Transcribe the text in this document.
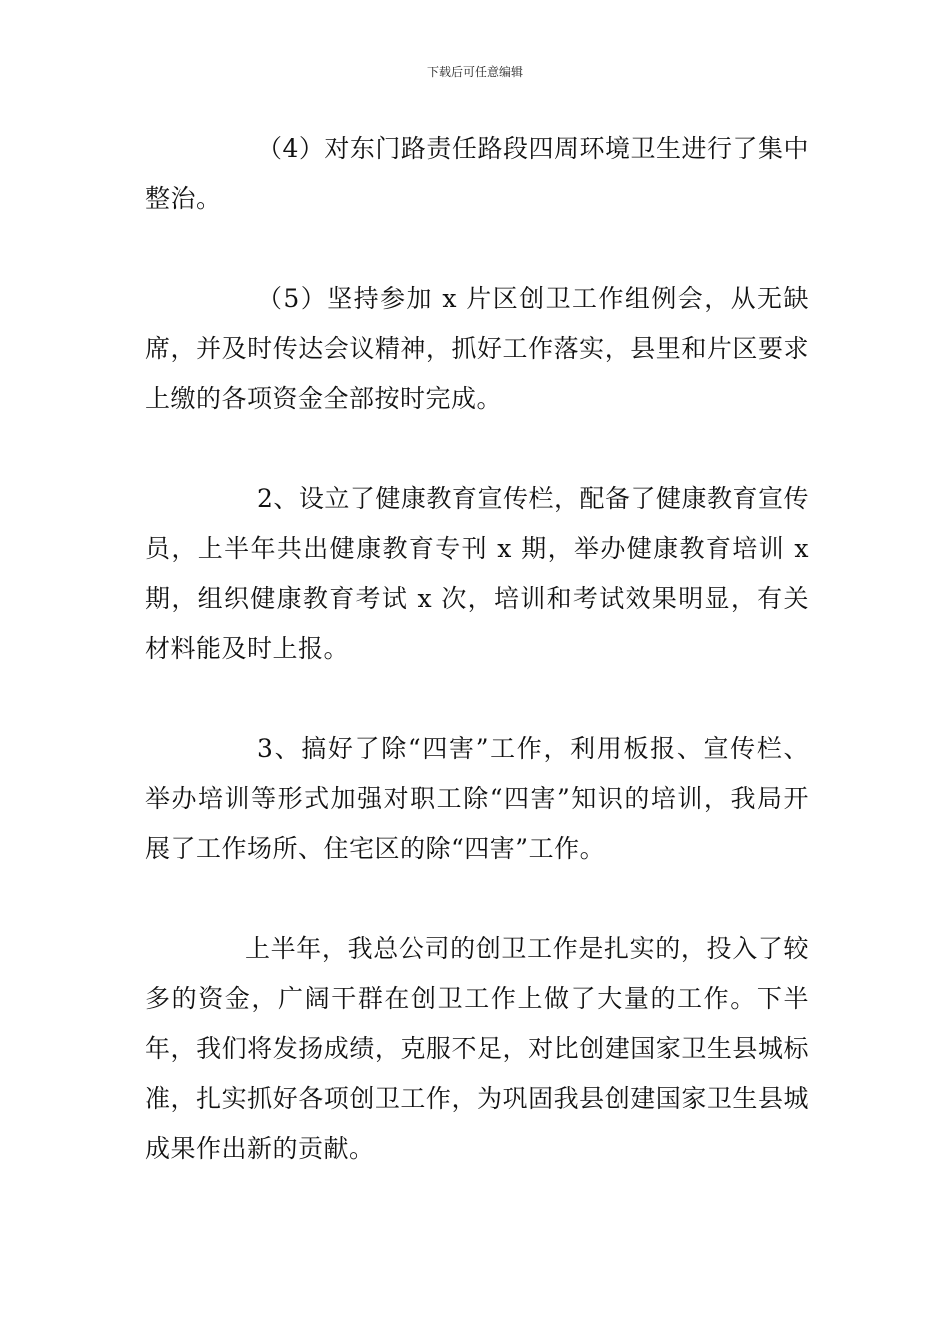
下载后可任意编辑

（4）对东门路责任路段四周环境卫生进行了集中整治。

（5）坚持参加 x 片区创卫工作组例会，从无缺席，并及时传达会议精神，抓好工作落实，县里和片区要求上缴的各项资金全部按时完成。

2、设立了健康教育宣传栏，配备了健康教育宣传员，上半年共出健康教育专刊 x 期，举办健康教育培训 x 期，组织健康教育考试 x 次，培训和考试效果明显，有关材料能及时上报。

3、搞好了除“四害”工作，利用板报、宣传栏、举办培训等形式加强对职工除“四害”知识的培训，我局开展了工作场所、住宅区的除“四害”工作。

上半年，我总公司的创卫工作是扎实的，投入了较多的资金，广阔干群在创卫工作上做了大量的工作。下半年，我们将发扬成绩，克服不足，对比创建国家卫生县城标准，扎实抓好各项创卫工作，为巩固我县创建国家卫生县城成果作出新的贡献。
